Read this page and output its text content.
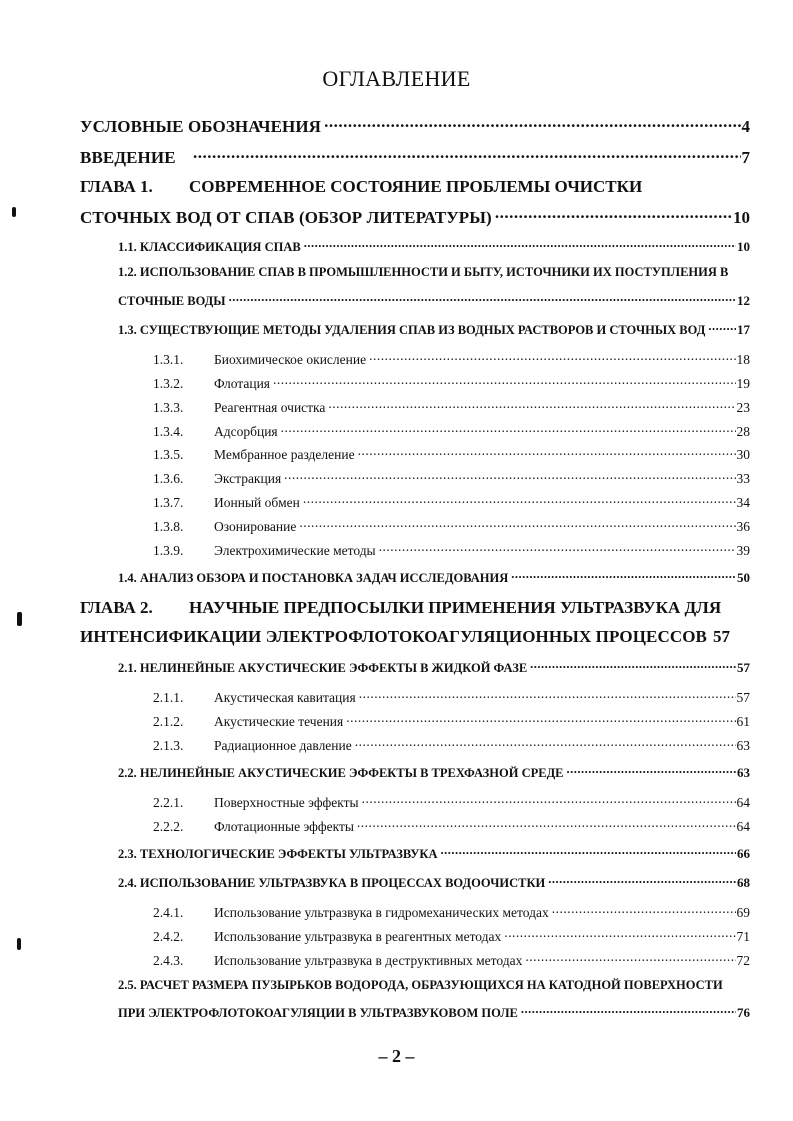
ОГЛАВЛЕНИЕ
УСЛОВНЫЕ ОБОЗНАЧЕНИЯ .....	4
ВВЕДЕНИЕ .....	7
ГЛАВА 1. СОВРЕМЕННОЕ СОСТОЯНИЕ ПРОБЛЕМЫ ОЧИСТКИ
СТОЧНЫХ ВОД ОТ СПАВ (ОБЗОР ЛИТЕРАТУРЫ) .....	10
1.1. КЛАССИФИКАЦИЯ СПАВ .....	10
1.2. ИСПОЛЬЗОВАНИЕ СПАВ В ПРОМЫШЛЕННОСТИ И БЫТУ, ИСТОЧНИКИ ИХ ПОСТУПЛЕНИЯ В
СТОЧНЫЕ ВОДЫ .....	12
1.3. СУЩЕСТВУЮЩИЕ МЕТОДЫ УДАЛЕНИЯ СПАВ ИЗ ВОДНЫХ РАСТВОРОВ И СТОЧНЫХ ВОД ..... 17
1.3.1.	Биохимическое окисление .....	18
1.3.2.	Флотация .....	19
1.3.3.	Реагентная очистка .....	23
1.3.4.	Адсорбция .....	28
1.3.5.	Мембранное разделение .....	30
1.3.6.	Экстракция .....	33
1.3.7.	Ионный обмен .....	34
1.3.8.	Озонирование .....	36
1.3.9.	Электрохимические методы .....	39
1.4. АНАЛИЗ ОБЗОРА И ПОСТАНОВКА ЗАДАЧ ИССЛЕДОВАНИЯ .....	50
ГЛАВА 2. НАУЧНЫЕ ПРЕДПОСЫЛКИ ПРИМЕНЕНИЯ УЛЬТРАЗВУКА ДЛЯ
ИНТЕНСИФИКАЦИИ ЭЛЕКТРОФЛОТОКОАГУЛЯЦИОННЫХ ПРОЦЕССОВ 57
2.1. НЕЛИНЕЙНЫЕ АКУСТИЧЕСКИЕ ЭФФЕКТЫ В ЖИДКОЙ ФАЗЕ .....	57
2.1.1.	Акустическая кавитация .....	57
2.1.2.	Акустические течения .....	61
2.1.3.	Радиационное давление .....	63
2.2. НЕЛИНЕЙНЫЕ АКУСТИЧЕСКИЕ ЭФФЕКТЫ В ТРЕХФАЗНОЙ СРЕДЕ .....	63
2.2.1.	Поверхностные эффекты .....	64
2.2.2.	Флотационные эффекты .....	64
2.3. ТЕХНОЛОГИЧЕСКИЕ ЭФФЕКТЫ УЛЬТРАЗВУКА .....	66
2.4. ИСПОЛЬЗОВАНИЕ УЛЬТРАЗВУКА В ПРОЦЕССАХ ВОДООЧИСТКИ .....	68
2.4.1.	Использование ультразвука в гидромеханических методах .....	69
2.4.2.	Использование ультразвука в реагентных методах .....	71
2.4.3.	Использование ультразвука в деструктивных методах .....	72
2.5. РАСЧЕТ РАЗМЕРА ПУЗЫРЬКОВ ВОДОРОДА, ОБРАЗУЮЩИХСЯ НА КАТОДНОЙ ПОВЕРХНОСТИ
ПРИ ЭЛЕКТРОФЛОТОКОАГУЛЯЦИИ В УЛЬТРАЗВУКОВОМ ПОЛЕ .....	76
– 2 –
